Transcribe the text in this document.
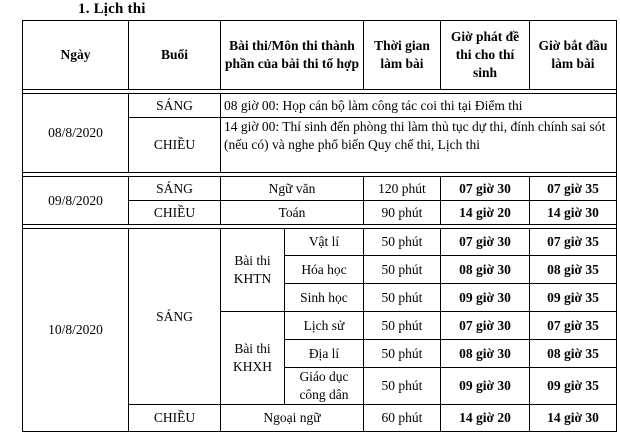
1. Lịch thi
Ngày	Buổi	Bài thi/Môn thi thành phần của bài thi tổ hợp		Thời gian làm bài	Giờ phát đề thi cho thí sinh	Giờ bắt đầu làm bài

08/8/2020	SÁNG	08 giờ 00: Họp cán bộ làm công tác coi thi tại Điểm thi				
	CHIỀU	14 giờ 00: Thí sinh đến phòng thi làm thủ tục dự thi, đính chính sai sót (nếu có) và nghe phổ biến Quy chế thi, Lịch thi				

09/8/2020	SÁNG	Ngữ văn		120 phút	07 giờ 30	07 giờ 35
	CHIỀU	Toán		90 phút	14 giờ 20	14 giờ 30

10/8/2020	SÁNG	Bài thi KHTN	Vật lí	50 phút	07 giờ 30	07 giờ 35
			Hóa học	50 phút	08 giờ 30	08 giờ 35
			Sinh học	50 phút	09 giờ 30	09 giờ 35
		Bài thi KHXH	Lịch sử	50 phút	07 giờ 30	07 giờ 35
			Địa lí	50 phút	08 giờ 30	08 giờ 35
			Giáo dục công dân	50 phút	09 giờ 30	09 giờ 35
	CHIỀU	Ngoại ngữ		60 phút	14 giờ 20	14 giờ 30
